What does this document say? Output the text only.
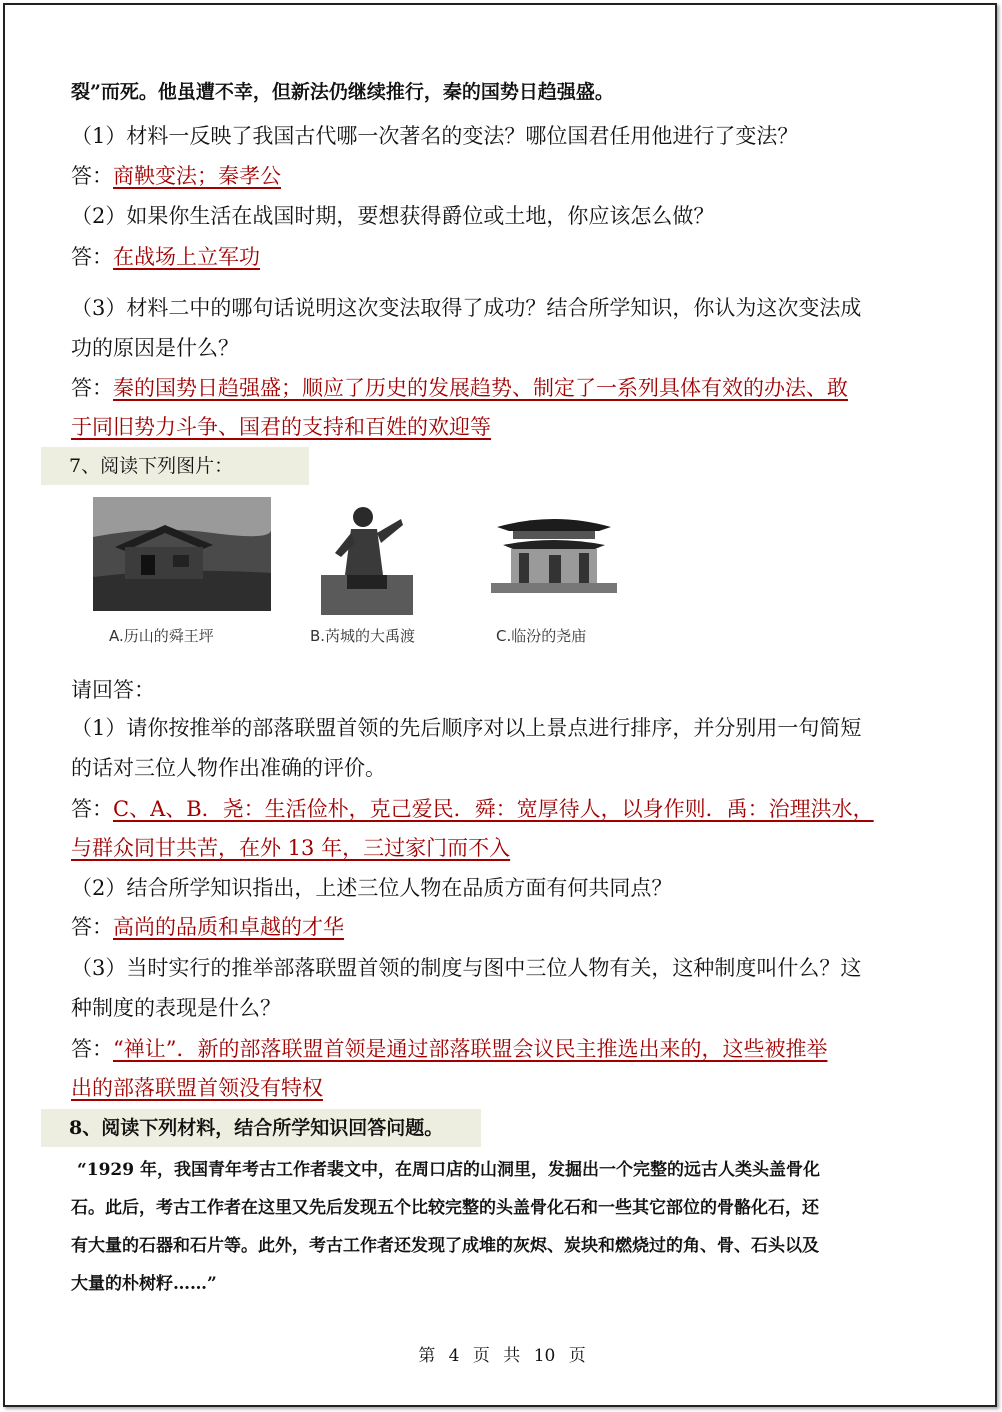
裂”而死。他虽遭不幸，但新法仍继续推行，秦的国势日趋强盛。
（1）材料一反映了我国古代哪一次著名的变法？哪位国君任用他进行了变法？
答：商鞅变法；秦孝公
（2）如果你生活在战国时期，要想获得爵位或土地，你应该怎么做？
答：在战场上立军功
（3）材料二中的哪句话说明这次变法取得了成功？结合所学知识，你认为这次变法成
功的原因是什么？
答：秦的国势日趋强盛；顺应了历史的发展趋势、制定了一系列具体有效的办法、敢
于同旧势力斗争、国君的支持和百姓的欢迎等
7、阅读下列图片：
A.历山的舜王坪	B.芮城的大禹渡	C.临汾的尧庙
请回答：
（1）请你按推举的部落联盟首领的先后顺序对以上景点进行排序，并分别用一句简短
的话对三位人物作出准确的评价。
答：C、A、B．尧：生活俭朴，克己爱民．舜：宽厚待人，以身作则．禹：治理洪水，
与群众同甘共苦，在外 13 年，三过家门而不入
（2）结合所学知识指出，上述三位人物在品质方面有何共同点？
答：高尚的品质和卓越的才华
（3）当时实行的推举部落联盟首领的制度与图中三位人物有关，这种制度叫什么？这
种制度的表现是什么？
答：“禅让”．新的部落联盟首领是通过部落联盟会议民主推选出来的，这些被推举
出的部落联盟首领没有特权
8、阅读下列材料，结合所学知识回答问题。
“1929 年，我国青年考古工作者裴文中，在周口店的山洞里，发掘出一个完整的远古人类头盖骨化
石。此后，考古工作者在这里又先后发现五个比较完整的头盖骨化石和一些其它部位的骨骼化石，还
有大量的石器和石片等。此外，考古工作者还发现了成堆的灰烬、炭块和燃烧过的角、骨、石头以及
大量的朴树籽……”
第 4 页 共 10 页
